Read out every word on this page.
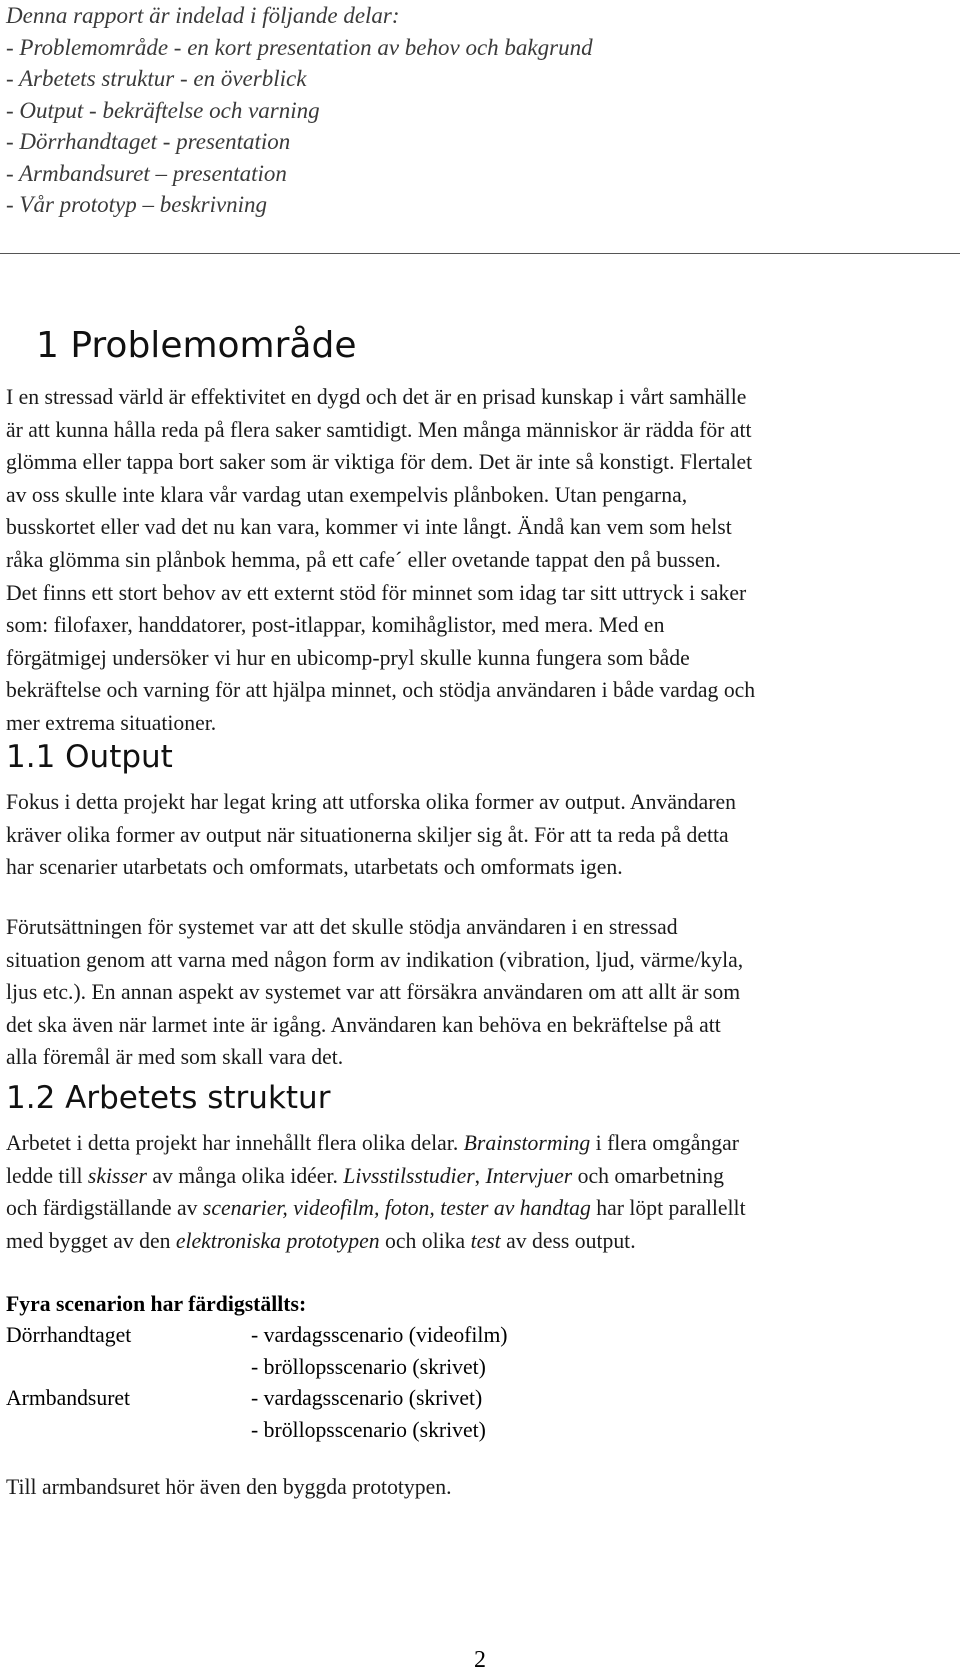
Denna rapport är indelad i följande delar:
- Problemområde - en kort presentation av behov och bakgrund
- Arbetets struktur - en överblick
- Output - bekräftelse och varning
- Dörrhandtaget - presentation
- Armbandsuret – presentation
- Vår prototyp – beskrivning
1 Problemområde
I en stressad värld är effektivitet en dygd och det är en prisad kunskap i vårt samhälle
är att kunna hålla reda på flera saker samtidigt. Men många människor är rädda för att
glömma eller tappa bort saker som är viktiga för dem. Det är inte så konstigt. Flertalet
av oss skulle inte klara vår vardag utan exempelvis plånboken. Utan pengarna,
busskortet eller vad det nu kan vara, kommer vi inte långt. Ändå kan vem som helst
råka glömma sin plånbok hemma, på ett cafe´ eller ovetande tappat den på bussen.
Det finns ett stort behov av ett externt stöd för minnet som idag tar sitt uttryck i saker
som: filofaxer, handdatorer, post-itlappar, komihåglistor, med mera. Med en
förgätmigej undersöker vi hur en ubicomp-pryl skulle kunna fungera som både
bekräftelse och varning för att hjälpa minnet, och stödja användaren i både vardag och
mer extrema situationer.
1.1 Output
Fokus i detta projekt har legat kring att utforska olika former av output. Användaren
kräver olika former av output när situationerna skiljer sig åt. För att ta reda på detta
har scenarier utarbetats och omformats, utarbetats och omformats igen.
Förutsättningen för systemet var att det skulle stödja användaren i en stressad
situation genom att varna med någon form av indikation (vibration, ljud, värme/kyla,
ljus etc.). En annan aspekt av systemet var att försäkra användaren om att allt är som
det ska även när larmet inte är igång. Användaren kan behöva en bekräftelse på att
alla föremål är med som skall vara det.
1.2 Arbetets struktur
Arbetet i detta projekt har innehållt flera olika delar. Brainstorming i flera omgångar
ledde till skisser av många olika idéer. Livsstilsstudier, Intervjuer och omarbetning
och färdigställande av scenarier, videofilm, foton, tester av handtag har löpt parallellt
med bygget av den elektroniska prototypen och olika test av dess output.
Fyra scenarion har färdigställts:
Dörrhandtaget	- vardagsscenario (videofilm)
- bröllopsscenario (skrivet)
Armbandsuret	- vardagsscenario (skrivet)
- bröllopsscenario (skrivet)
Till armbandsuret hör även den byggda prototypen.
2
